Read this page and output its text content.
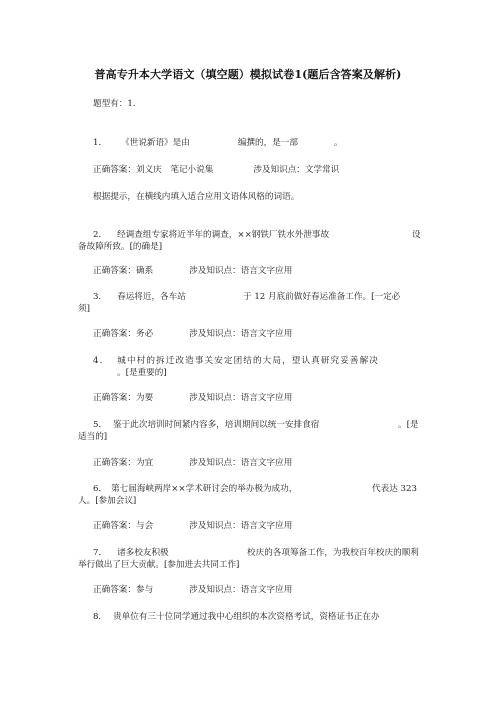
普高专升本大学语文（填空题）模拟试卷1(题后含答案及解析)
题型有：1.
1． 《世说新语》是由	编撰的，是一部	。
正确答案：刘义庆　笔记小说集	涉及知识点：文学常识
根据提示，在横线内填入适合应用文语体风格的词语。
2． 经调查组专家将近半年的调查，××钢铁厂铁水外泄事故	设
备故障所致。[的确是]
正确答案：确系	涉及知识点：语言文字应用
3． 春运将近，各车站	于 12 月底前做好春运准备工作。[一定必
须]
正确答案：务必	涉及知识点：语言文字应用
4． 城中村的拆迁改造事关安定团结的大局，望认真研究妥善解决
。[是重要的]
正确答案：为要	涉及知识点：语言文字应用
5． 鉴于此次培训时间紧内容多，培训期间以统一安排食宿	。[是
适当的]
正确答案：为宜	涉及知识点：语言文字应用
6． 第七届海峡两岸××学术研讨会的举办极为成功，	代表达 323
人。[参加会议]
正确答案：与会	涉及知识点：语言文字应用
7． 诸多校友积极	校庆的各项筹备工作，为我校百年校庆的顺利
举行做出了巨大贡献。[参加进去共同工作]
正确答案：参与	涉及知识点：语言文字应用
8． 贵单位有三十位同学通过我中心组织的本次资格考试，资格证书正在办
